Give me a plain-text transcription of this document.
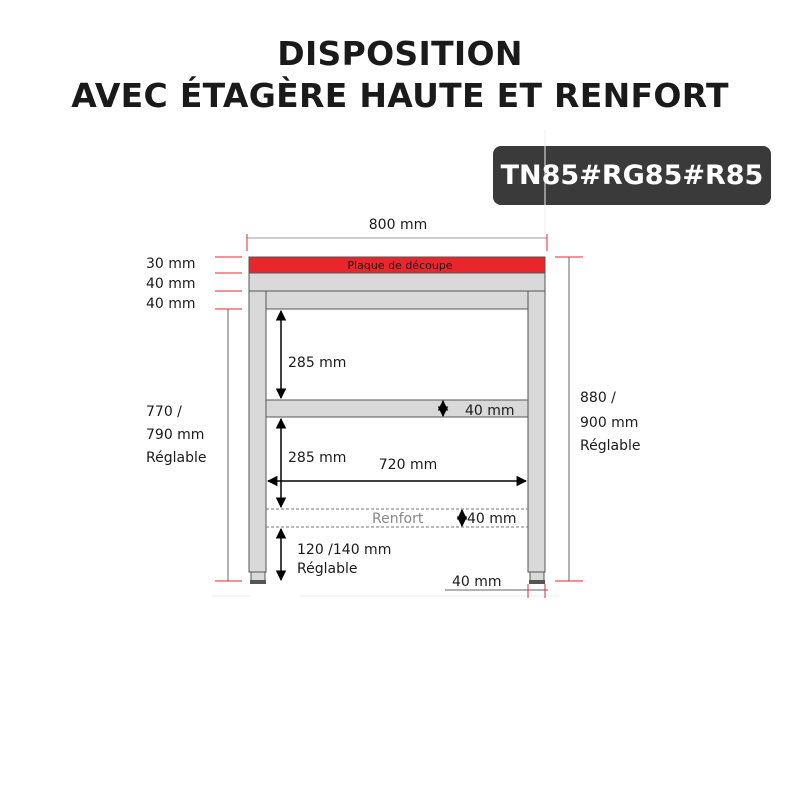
DISPOSITION
AVEC ÉTAGÈRE HAUTE ET RENFORT
TN85#RG85#R85
800 mm
Plaque de découpe
Renfort
30 mm
40 mm
40 mm
770 /
790 mm
Réglable
880 /
900 mm
Réglable
285 mm
285 mm
120 /140 mm
Réglable
720 mm
40 mm
40 mm
40 mm
